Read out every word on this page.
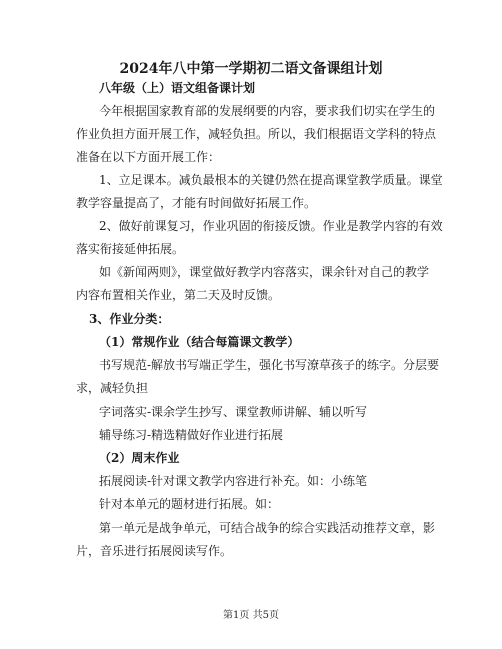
2024年八中第一学期初二语文备课组计划
八年级（上）语文组备课计划
今年根据国家教育部的发展纲要的内容，要求我们切实在学生的
作业负担方面开展工作，减轻负担。所以，我们根据语文学科的特点
准备在以下方面开展工作：
1、立足课本。减负最根本的关键仍然在提高课堂教学质量。课堂
教学容量提高了，才能有时间做好拓展工作。
2、做好前课复习，作业巩固的衔接反馈。作业是教学内容的有效
落实衔接延伸拓展。
如《新闻两则》，课堂做好教学内容落实，课余针对自己的教学
内容布置相关作业，第二天及时反馈。
3、作业分类：
（1）常规作业（结合每篇课文教学）
书写规范-解放书写端正学生，强化书写潦草孩子的练字。分层要
求，减轻负担
字词落实-课余学生抄写、课堂教师讲解、辅以听写
辅导练习-精选精做好作业进行拓展
（2）周末作业
拓展阅读-针对课文教学内容进行补充。如：小练笔
针对本单元的题材进行拓展。如：
第一单元是战争单元，可结合战争的综合实践活动推荐文章，影
片，音乐进行拓展阅读写作。
第1页 共5页
